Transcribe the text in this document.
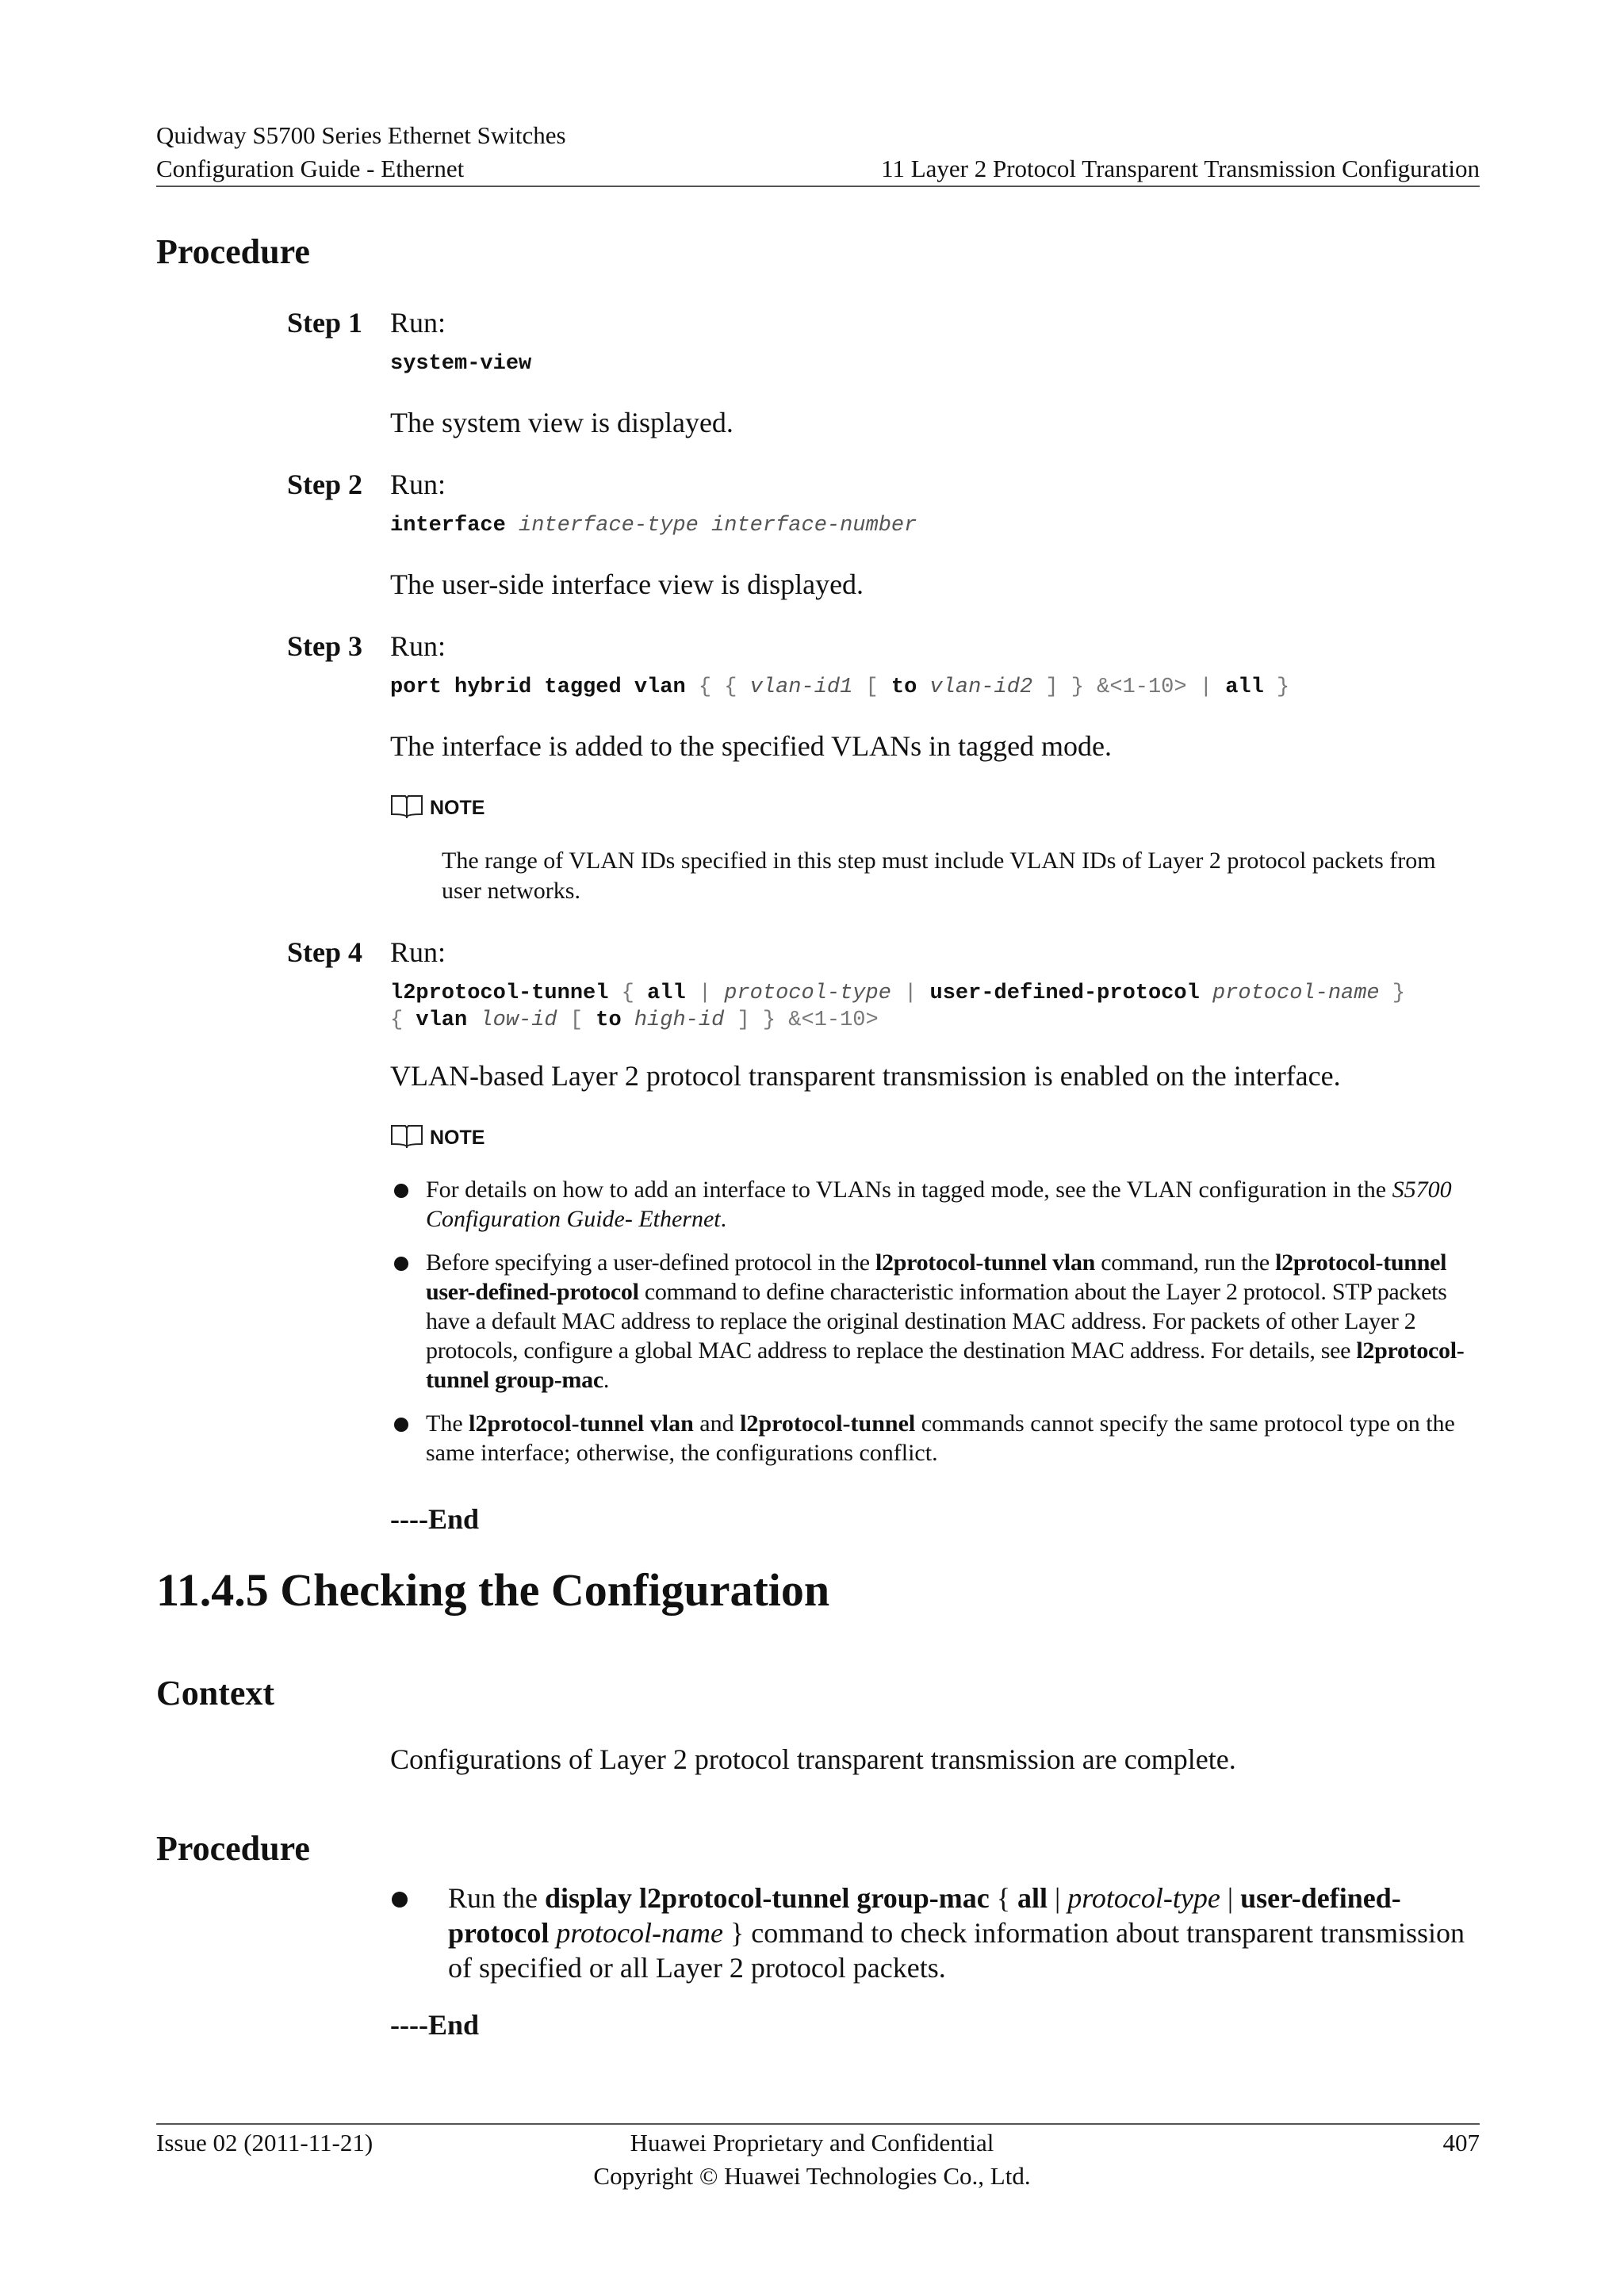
Quidway S5700 Series Ethernet Switches
Configuration Guide - Ethernet	11 Layer 2 Protocol Transparent Transmission Configuration
Procedure
Step 1 Run:
system-view
The system view is displayed.
Step 2 Run:
interface interface-type interface-number
The user-side interface view is displayed.
Step 3 Run:
port hybrid tagged vlan { { vlan-id1 [ to vlan-id2 ] } &<1-10> | all }
The interface is added to the specified VLANs in tagged mode.
NOTE
The range of VLAN IDs specified in this step must include VLAN IDs of Layer 2 protocol packets from user networks.
Step 4 Run:
l2protocol-tunnel { all | protocol-type | user-defined-protocol protocol-name }
{ vlan low-id [ to high-id ] } &<1-10>
VLAN-based Layer 2 protocol transparent transmission is enabled on the interface.
NOTE
For details on how to add an interface to VLANs in tagged mode, see the VLAN configuration in the S5700 Configuration Guide- Ethernet.
Before specifying a user-defined protocol in the l2protocol-tunnel vlan command, run the l2protocol-tunnel user-defined-protocol command to define characteristic information about the Layer 2 protocol. STP packets have a default MAC address to replace the original destination MAC address. For packets of other Layer 2 protocols, configure a global MAC address to replace the destination MAC address. For details, see l2protocol-tunnel group-mac.
The l2protocol-tunnel vlan and l2protocol-tunnel commands cannot specify the same protocol type on the same interface; otherwise, the configurations conflict.
----End
11.4.5 Checking the Configuration
Context
Configurations of Layer 2 protocol transparent transmission are complete.
Procedure
Run the display l2protocol-tunnel group-mac { all | protocol-type | user-defined-protocol protocol-name } command to check information about transparent transmission of specified or all Layer 2 protocol packets.
----End
Issue 02 (2011-11-21)	Huawei Proprietary and Confidential
Copyright © Huawei Technologies Co., Ltd.
407
